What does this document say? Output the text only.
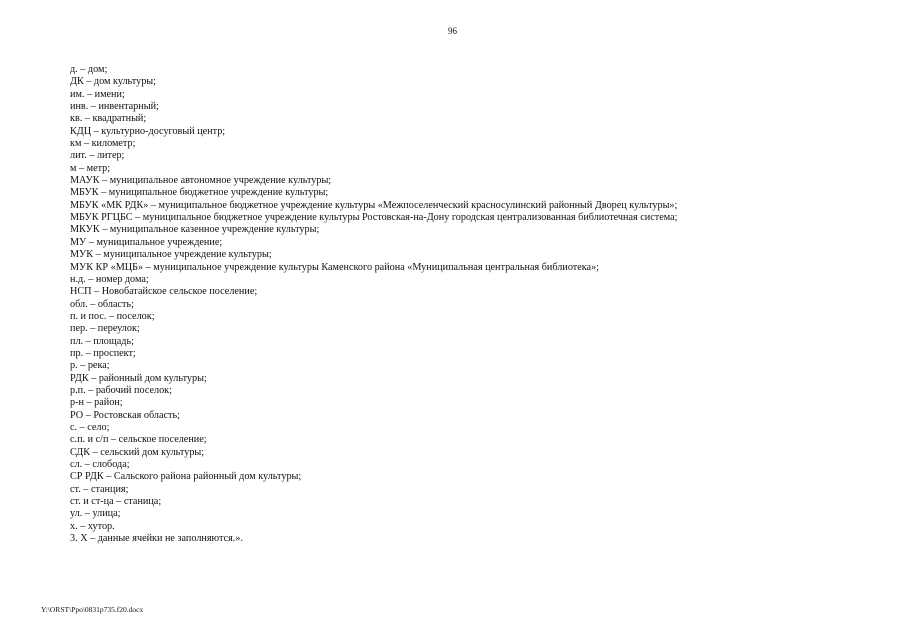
96
д. – дом;
ДК – дом культуры;
им. – имени;
инв. – инвентарный;
кв. – квадратный;
КДЦ – культурно-досуговый центр;
км – километр;
лит. – литер;
м – метр;
МАУК – муниципальное автономное учреждение культуры;
МБУК – муниципальное бюджетное учреждение культуры;
МБУК «МК РДК» – муниципальное бюджетное учреждение культуры «Межпоселенческий красносулинский районный Дворец культуры»;
МБУК РГЦБС – муниципальное бюджетное учреждение культуры Ростовская-на-Дону городская централизованная библиотечная система;
МКУК – муниципальное казенное учреждение культуры;
МУ – муниципальное учреждение;
МУК – муниципальное учреждение культуры;
МУК КР «МЦБ» – муниципальное учреждение культуры Каменского района «Муниципальная центральная библиотека»;
н.д. – номер дома;
НСП – Новобатайское сельское поселение;
обл. – область;
п. и пос. – поселок;
пер. – переулок;
пл. – площадь;
пр. – проспект;
р. – река;
РДК – районный дом культуры;
р.п. – рабочий поселок;
р-н – район;
РО – Ростовская область;
с. – село;
с.п. и с/п – сельское поселение;
СДК – сельский дом культуры;
сл. – слобода;
СР РДК – Сальского района районный дом культуры;
ст. – станция;
ст. и ст-ца – станица;
ул. – улица;
х. – хутор.
3. Х – данные ячейки не заполняются.».
Y:\ORST\Ppo\0831p735.f20.docx
